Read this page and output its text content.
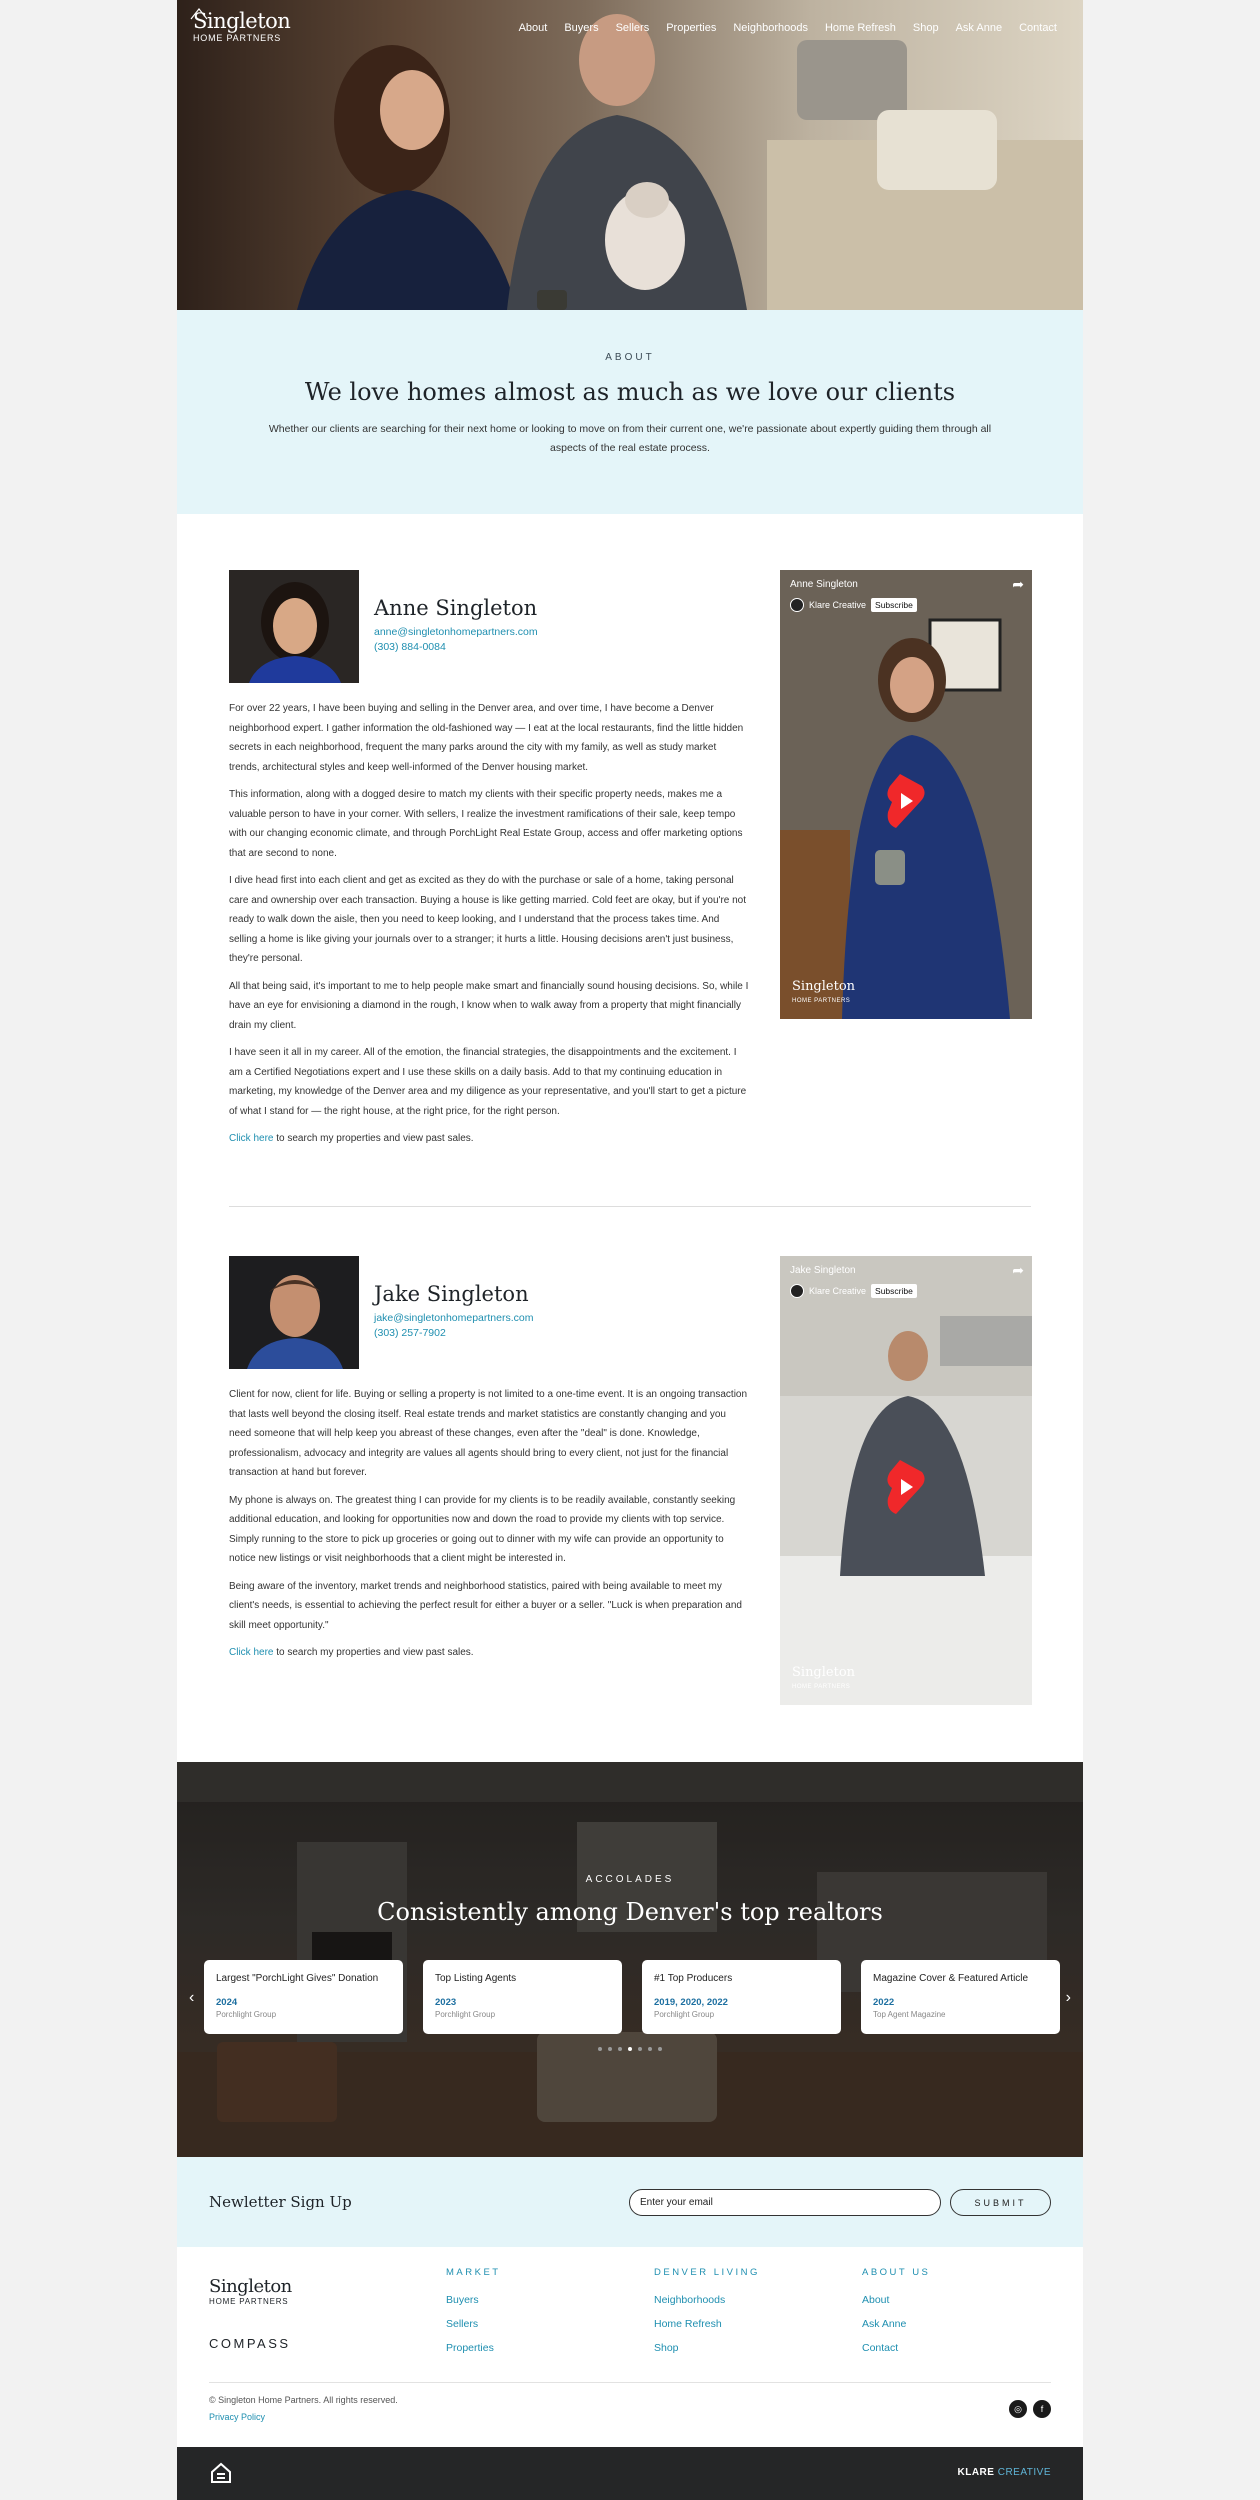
Singleton
HOME PARTNERS
About Buyers Sellers Properties Neighborhoods Home Refresh Shop Ask Anne Contact
ABOUT
We love homes almost as much as we love our clients

Whether our clients are searching for their next home or looking to move on from their current one, we're passionate about expertly guiding them through all aspects of the real estate process.

Anne Singleton
anne@singletonhomepartners.com
(303) 884-0084

For over 22 years, I have been buying and selling in the Denver area, and over time, I have become a Denver neighborhood expert. I gather information the old-fashioned way — I eat at the local restaurants, find the little hidden secrets in each neighborhood, frequent the many parks around the city with my family, as well as study market trends, architectural styles and keep well-informed of the Denver housing market.

This information, along with a dogged desire to match my clients with their specific property needs, makes me a valuable person to have in your corner. With sellers, I realize the investment ramifications of their sale, keep tempo with our changing economic climate, and through PorchLight Real Estate Group, access and offer marketing options that are second to none.

I dive head first into each client and get as excited as they do with the purchase or sale of a home, taking personal care and ownership over each transaction. Buying a house is like getting married. Cold feet are okay, but if you're not ready to walk down the aisle, then you need to keep looking, and I understand that the process takes time. And selling a home is like giving your journals over to a stranger; it hurts a little. Housing decisions aren't just business, they're personal.

All that being said, it's important to me to help people make smart and financially sound housing decisions. So, while I have an eye for envisioning a diamond in the rough, I know when to walk away from a property that might financially drain my client.

I have seen it all in my career. All of the emotion, the financial strategies, the disappointments and the excitement. I am a Certified Negotiations expert and I use these skills on a daily basis. Add to that my continuing education in marketing, my knowledge of the Denver area and my diligence as your representative, and you'll start to get a picture of what I stand for — the right house, at the right price, for the right person.

Click here to search my properties and view past sales.

Anne Singleton	➦
Klare Creative	Subscribe
Singleton
HOME PARTNERS
Jake Singleton
jake@singletonhomepartners.com
(303) 257-7902

Client for now, client for life. Buying or selling a property is not limited to a one-time event. It is an ongoing transaction that lasts well beyond the closing itself. Real estate trends and market statistics are constantly changing and you need someone that will help keep you abreast of these changes, even after the "deal" is done. Knowledge, professionalism, advocacy and integrity are values all agents should bring to every client, not just for the financial transaction at hand but forever.

My phone is always on. The greatest thing I can provide for my clients is to be readily available, constantly seeking additional education, and looking for opportunities now and down the road to provide my clients with top service. Simply running to the store to pick up groceries or going out to dinner with my wife can provide an opportunity to notice new listings or visit neighborhoods that a client might be interested in.

Being aware of the inventory, market trends and neighborhood statistics, paired with being available to meet my client's needs, is essential to achieving the perfect result for either a buyer or a seller. "Luck is when preparation and skill meet opportunity."

Click here to search my properties and view past sales.

Jake Singleton	➦
Klare Creative	Subscribe
Singleton
HOME PARTNERS
ACCOLADES
Consistently among Denver's top realtors
‹	›
Largest "PorchLight Gives" Donation
2024
Porchlight Group
Top Listing Agents
2023
Porchlight Group
#1 Top Producers
2019, 2020, 2022
Porchlight Group
Magazine Cover & Featured Article
2022
Top Agent Magazine
Newletter Sign Up
Enter your email	SUBMIT
Singleton
HOME PARTNERS
COMPASS
MARKET
Buyers
Sellers
Properties
DENVER LIVING
Neighborhoods
Home Refresh
Shop
ABOUT US
About
Ask Anne
Contact
© Singleton Home Partners. All rights reserved.
Privacy Policy
◎	f
KLARE CREATIVE
